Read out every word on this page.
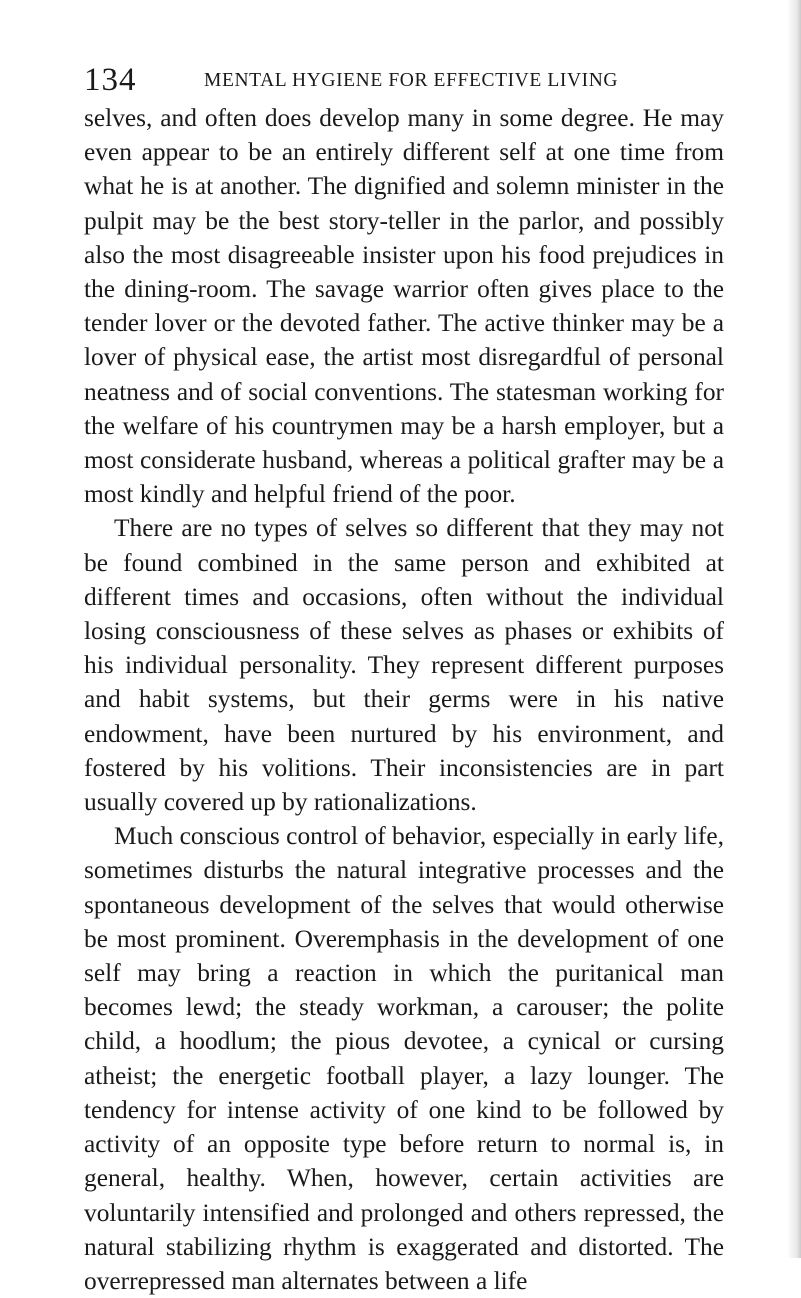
134	MENTAL HYGIENE FOR EFFECTIVE LIVING

selves, and often does develop many in some degree. He may even appear to be an entirely different self at one time from what he is at another. The dignified and solemn minister in the pulpit may be the best story-teller in the parlor, and possibly also the most disagreeable insister upon his food prejudices in the dining-room. The savage warrior often gives place to the tender lover or the devoted father. The active thinker may be a lover of physical ease, the artist most disregardful of personal neatness and of social conventions. The statesman working for the welfare of his countrymen may be a harsh employer, but a most considerate husband, whereas a political grafter may be a most kindly and helpful friend of the poor.

There are no types of selves so different that they may not be found combined in the same person and exhibited at different times and occasions, often without the individual losing consciousness of these selves as phases or exhibits of his individual personality. They represent different purposes and habit systems, but their germs were in his native endowment, have been nurtured by his environment, and fostered by his volitions. Their inconsistencies are in part usually covered up by rationalizations.

Much conscious control of behavior, especially in early life, sometimes disturbs the natural integrative processes and the spontaneous development of the selves that would otherwise be most prominent. Overemphasis in the development of one self may bring a reaction in which the puritanical man becomes lewd; the steady workman, a carouser; the polite child, a hoodlum; the pious devotee, a cynical or cursing atheist; the energetic football player, a lazy lounger. The tendency for intense activity of one kind to be followed by activity of an opposite type before return to normal is, in general, healthy. When, however, certain activities are voluntarily intensified and prolonged and others repressed, the natural stabilizing rhythm is exaggerated and distorted. The overrepressed man alternates between a life
